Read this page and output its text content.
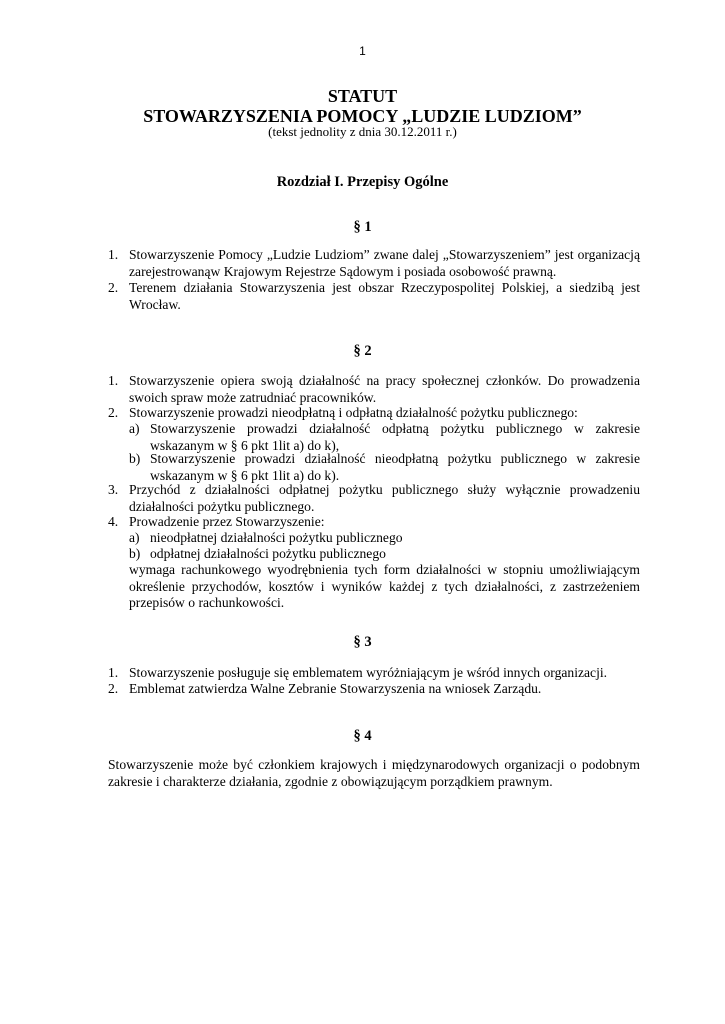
1
STATUT
STOWARZYSZENIA POMOCY „LUDZIE LUDZIOM”
(tekst jednolity z dnia 30.12.2011 r.)
Rozdział I. Przepisy Ogólne
§ 1
1. Stowarzyszenie Pomocy „Ludzie Ludziom” zwane dalej „Stowarzyszeniem” jest organizacją zarejestrowanąw Krajowym Rejestrze Sądowym i posiada osobowość prawną.
2. Terenem działania Stowarzyszenia jest obszar Rzeczypospolitej Polskiej, a siedzibą jest Wrocław.
§ 2
1. Stowarzyszenie opiera swoją działalność na pracy społecznej członków. Do prowadzenia swoich spraw może zatrudniać pracowników.
2. Stowarzyszenie prowadzi nieodpłatną i odpłatną działalność pożytku publicznego:
a) Stowarzyszenie prowadzi działalność odpłatną pożytku publicznego w zakresie wskazanym w § 6 pkt 1lit a) do k),
b) Stowarzyszenie prowadzi działalność nieodpłatną pożytku publicznego w zakresie wskazanym w § 6 pkt 1lit a) do k).
3. Przychód z działalności odpłatnej pożytku publicznego służy wyłącznie prowadzeniu działalności pożytku publicznego.
4. Prowadzenie przez Stowarzyszenie:
a) nieodpłatnej działalności pożytku publicznego
b) odpłatnej działalności pożytku publicznego
wymaga rachunkowego wyodrębnienia tych form działalności w stopniu umożliwiającym określenie przychodów, kosztów i wyników każdej z tych działalności, z zastrzeżeniem przepisów o rachunkowości.
§ 3
1. Stowarzyszenie posługuje się emblematem wyróżniającym je wśród innych organizacji.
2. Emblemat zatwierdza Walne Zebranie Stowarzyszenia na wniosek Zarządu.
§ 4
Stowarzyszenie może być członkiem krajowych i międzynarodowych organizacji o podobnym zakresie i charakterze działania, zgodnie z obowiązującym porządkiem prawnym.
